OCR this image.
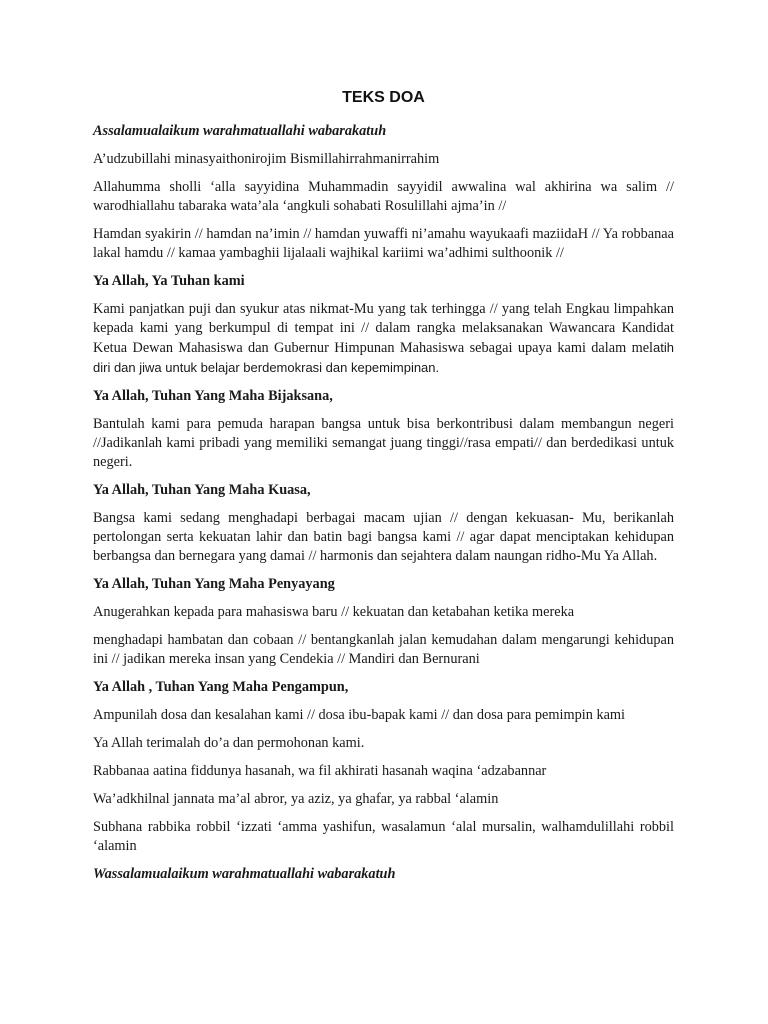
TEKS DOA
Assalamualaikum warahmatuallahi wabarakatuh
A’udzubillahi minasyaithonirojim Bismillahirrahmanirrahim
Allahumma sholli ‘alla sayyidina Muhammadin sayyidil awwalina wal akhirina wa salim // warodhiallahu tabaraka wata’ala ‘angkuli sohabati Rosulillahi ajma’in //
Hamdan syakirin // hamdan na’imin // hamdan yuwaffi ni’amahu wayukaafi maziidaH // Ya robbanaa lakal hamdu // kamaa yambaghii lijalaali wajhikal kariimi wa’adhimi sulthoonik //
Ya Allah, Ya Tuhan kami
Kami panjatkan puji dan syukur atas nikmat-Mu yang tak terhingga // yang telah Engkau limpahkan kepada kami yang berkumpul di tempat ini // dalam rangka melaksanakan Wawancara Kandidat Ketua Dewan Mahasiswa dan Gubernur Himpunan Mahasiswa sebagai upaya kami dalam melatih diri dan jiwa untuk belajar berdemokrasi dan kepemimpinan.
Ya Allah, Tuhan Yang Maha Bijaksana,
Bantulah kami para pemuda harapan bangsa untuk bisa berkontribusi dalam membangun negeri //Jadikanlah kami pribadi yang memiliki semangat juang tinggi//rasa empati// dan berdedikasi untuk negeri.
Ya Allah, Tuhan Yang Maha Kuasa,
Bangsa kami sedang menghadapi berbagai macam ujian // dengan kekuasan- Mu, berikanlah pertolongan serta kekuatan lahir dan batin bagi bangsa kami // agar dapat menciptakan kehidupan berbangsa dan bernegara yang damai // harmonis dan sejahtera dalam naungan ridho-Mu Ya Allah.
Ya Allah, Tuhan Yang Maha Penyayang
Anugerahkan kepada para mahasiswa baru // kekuatan dan ketabahan ketika mereka
menghadapi hambatan dan cobaan // bentangkanlah jalan kemudahan dalam mengarungi kehidupan ini // jadikan mereka insan yang Cendekia // Mandiri dan Bernurani
Ya Allah , Tuhan Yang Maha Pengampun,
Ampunilah dosa dan kesalahan kami // dosa ibu-bapak kami // dan dosa para pemimpin kami
Ya Allah terimalah do’a dan permohonan kami.
Rabbanaa aatina fiddunya hasanah, wa fil akhirati hasanah waqina ‘adzabannar
Wa’adkhilnal jannata ma’al abror, ya aziz, ya ghafar, ya rabbal ‘alamin
Subhana rabbika robbil ‘izzati ‘amma yashifun, wasalamun ‘alal mursalin, walhamdulillahi robbil ‘alamin
Wassalamualaikum warahmatuallahi wabarakatuh
